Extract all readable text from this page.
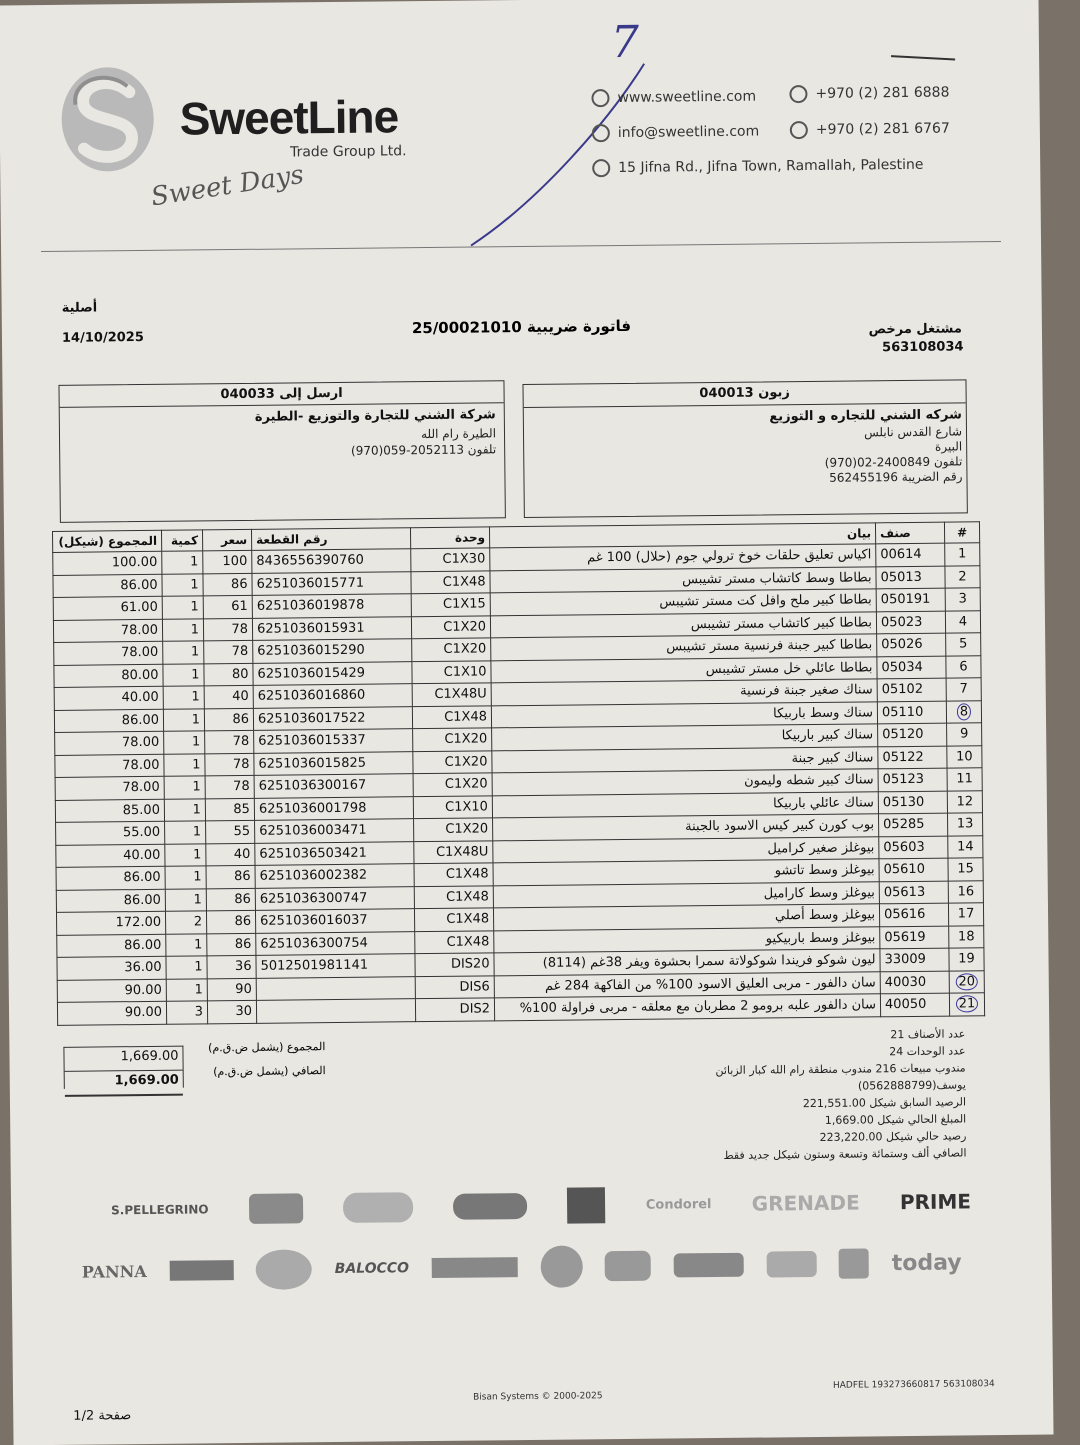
SweetLine
Trade Group Ltd.
Sweet Days
7
www.sweetline.com	+970 (2) 281 6888
info@sweetline.com	+970 (2) 281 6767
15 Jifna Rd., Jifna Town, Ramallah, Palestine
أصلية
14/10/2025
25/00021010 فاتورة ضريبية	مشتغل مرخص
563108034
ارسل إلى 040033
شركة الشني للتجارة والتوزيع -الطيرة
الطيرة رام الله
تلفون 2052113-059(970)
زبون 040013
شركه الشني للتجاره و التوزيع
شارع القدس نابلس
البيرة
تلفون 2400849-02(970)
رقم الضريبة 562455196
المجموع (شيكل)	كمية	سعر	رقم القطعة	وحدة	بيان	صنف	#
100.00	1	100	8436556390760	C1X30	اكياس تعليق حلقات خوخ ترولي جوم (حلال) 100 غم	00614	1
86.00	1	86	6251036015771	C1X48	بطاطا وسط كاتشاب مستر تشيبس	05013	2
61.00	1	61	6251036019878	C1X15	بطاطا كبير ملح وافل كت مستر تشيبس	050191	3
78.00	1	78	6251036015931	C1X20	بطاطا كبير كاتشاب مستر تشيبس	05023	4
78.00	1	78	6251036015290	C1X20	بطاطا كبير جبنة فرنسية مستر تشيبس	05026	5
80.00	1	80	6251036015429	C1X10	بطاطا عائلي خل مستر تشيبس	05034	6
40.00	1	40	6251036016860	C1X48U	سناك صغير جبنة فرنسية	05102	7
86.00	1	86	6251036017522	C1X48	سناك وسط باربيكا	05110	8
78.00	1	78	6251036015337	C1X20	سناك كبير باربيكا	05120	9
78.00	1	78	6251036015825	C1X20	سناك كبير جبنة	05122	10
78.00	1	78	6251036300167	C1X20	سناك كبير شطه وليمون	05123	11
85.00	1	85	6251036001798	C1X10	سناك عائلي باربيكا	05130	12
55.00	1	55	6251036003471	C1X20	بوب كورن كبير كيس الاسود بالجبنة	05285	13
40.00	1	40	6251036503421	C1X48U	بيوغلز صغير كراميل	05603	14
86.00	1	86	6251036002382	C1X48	بيوغلز وسط تاتشو	05610	15
86.00	1	86	6251036300747	C1X48	بيوغلز وسط كاراميل	05613	16
172.00	2	86	6251036016037	C1X48	بيوغلز وسط أصلي	05616	17
86.00	1	86	6251036300754	C1X48	بيوغلز وسط باربيكيو	05619	18
36.00	1	36	5012501981141	DIS20	ليون شوكو فريندا شوكولاتة سمرا بحشوة ويفر 38غم (8114)	33009	19
90.00	1	90		DIS6	سان دالفور - مربى العليق الاسود 100% من الفاكهة 284 غم	40030	20
90.00	3	30		DIS2	سان دالفور علبه برومو 2 مطربان مع معلقه - مربى فراولة 100%	40050	21
1,669.00
1,669.00
المجموع (يشمل ض.ق.م)
الصافي (يشمل ض.ق.م)
عدد الأصناف 21
عدد الوحدات 24
مندوب مبيعات 216 مندوب منطقة رام الله كبار الزبائن يوسف(0562888799)
الرصيد السابق شيكل 221,551.00
المبلغ الحالي شيكل 1,669.00
رصيد حالي شيكل 223,220.00
الصافي ألف وستمائة وتسعة وستون شيكل جديد فقط
S.PELLEGRINO	Condorel GRENADE PRIME
PANNA	BALOCCO	today
Bisan Systems © 2000-2025
HADFEL 193273660817 563108034
1/2 صفحة
